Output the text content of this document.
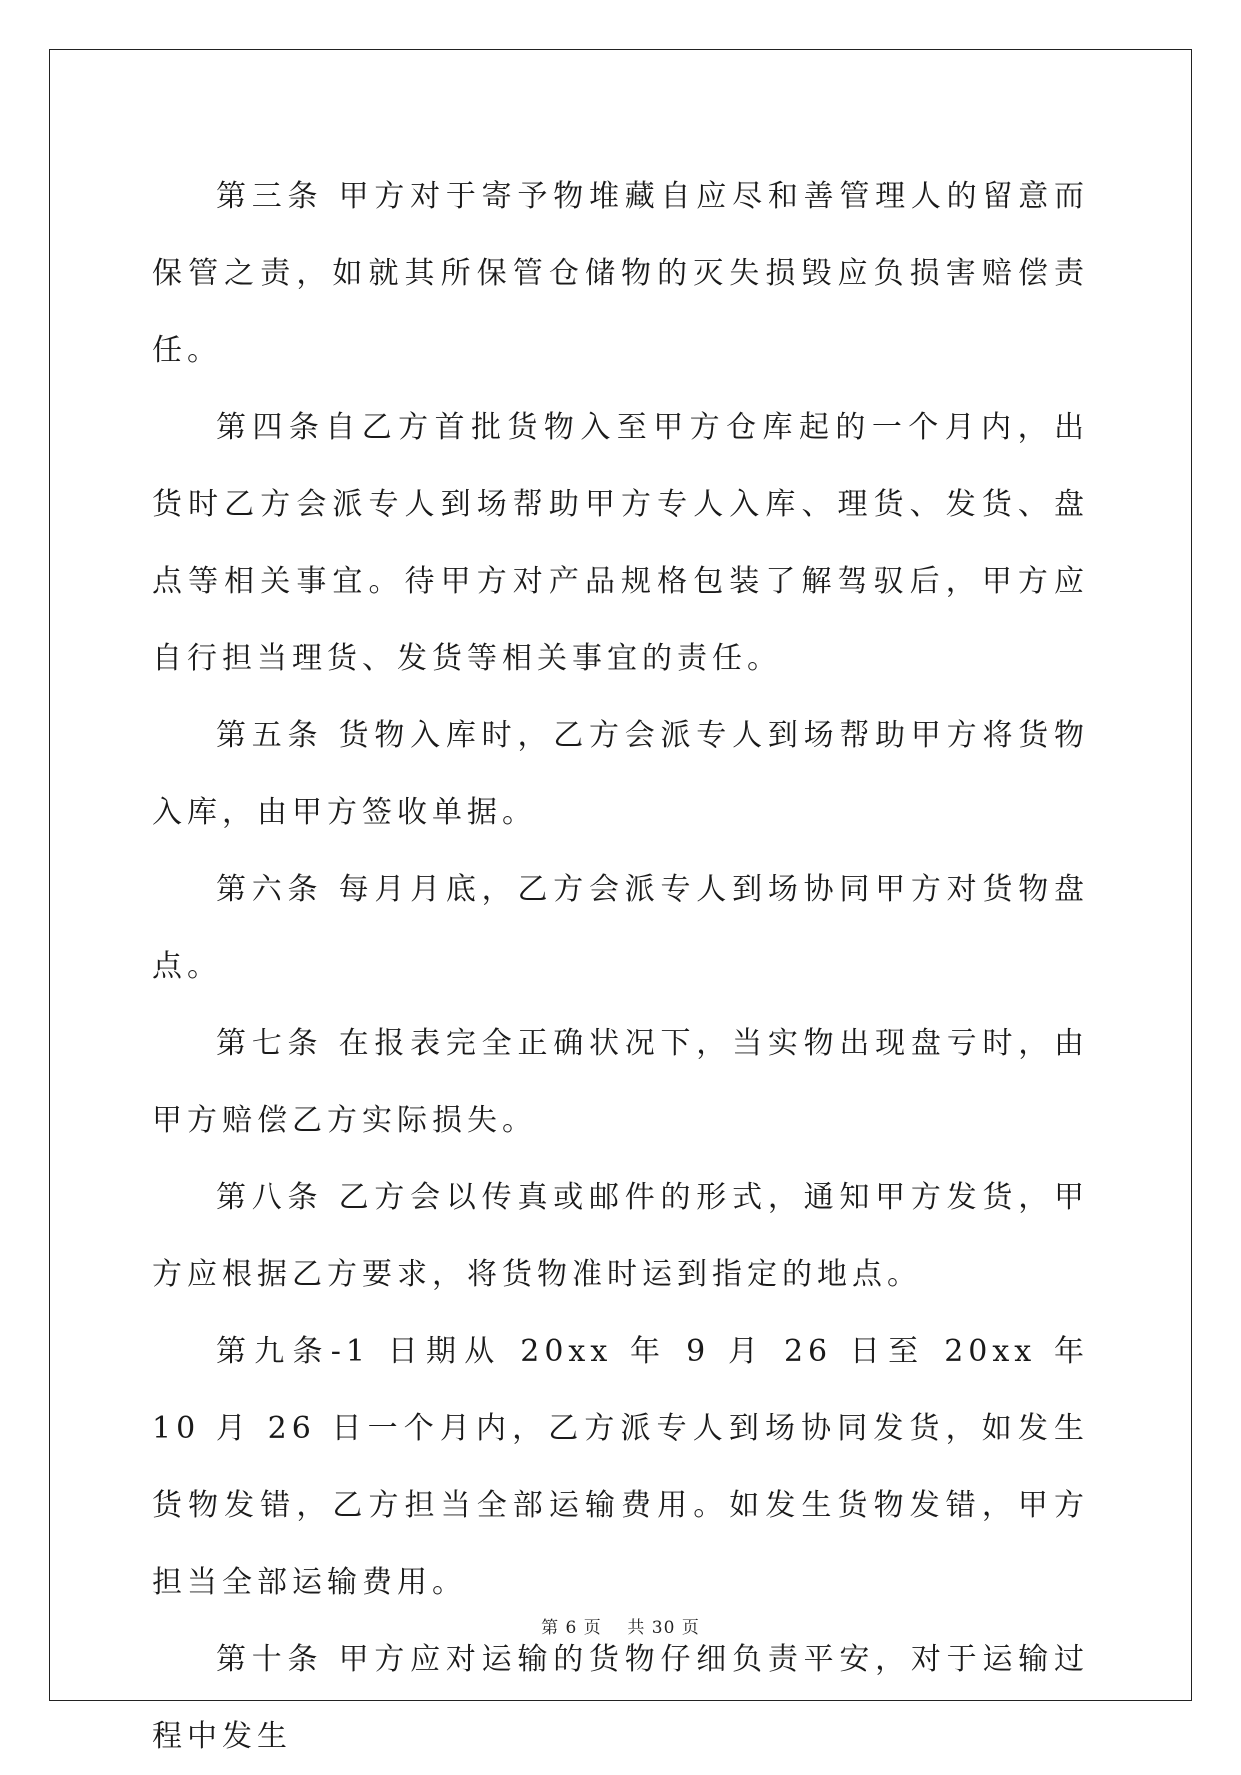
第三条 甲方对于寄予物堆藏自应尽和善管理人的留意而保管之责，如就其所保管仓储物的灭失损毁应负损害赔偿责任。

第四条自乙方首批货物入至甲方仓库起的一个月内，出货时乙方会派专人到场帮助甲方专人入库、理货、发货、盘点等相关事宜。待甲方对产品规格包装了解驾驭后，甲方应自行担当理货、发货等相关事宜的责任。

第五条 货物入库时，乙方会派专人到场帮助甲方将货物入库，由甲方签收单据。

第六条 每月月底，乙方会派专人到场协同甲方对货物盘点。

第七条 在报表完全正确状况下，当实物出现盘亏时，由甲方赔偿乙方实际损失。

第八条 乙方会以传真或邮件的形式，通知甲方发货，甲方应根据乙方要求，将货物准时运到指定的地点。

第九条-1 日期从 20xx 年 9 月 26 日至 20xx 年 10 月 26 日一个月内，乙方派专人到场协同发货，如发生货物发错，乙方担当全部运输费用。如发生货物发错，甲方担当全部运输费用。

第十条 甲方应对运输的货物仔细负责平安，对于运输过程中发生

第 6 页 共 30 页
